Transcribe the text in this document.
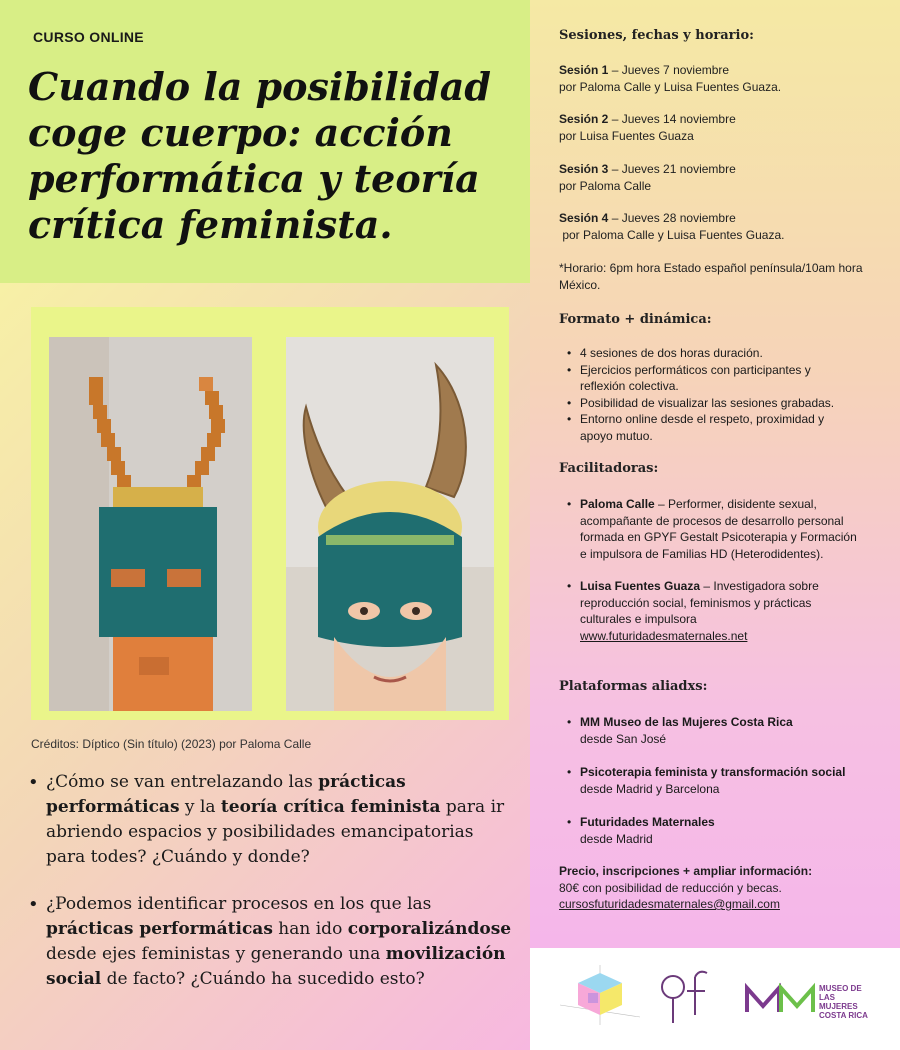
CURSO ONLINE
Cuando la posibilidad coge cuerpo: acción performática y teoría crítica feminista.
Créditos: Díptico (Sin título) (2023) por Paloma Calle
• ¿Cómo se van entrelazando las prácticas performáticas y la teoría crítica feminista para ir abriendo espacios y posibilidades emancipatorias para todes? ¿Cuándo y donde?
• ¿Podemos identificar procesos en los que las prácticas performáticas han ido corporalizándose desde ejes feministas y generando una movilización social de facto? ¿Cuándo ha sucedido esto?
Sesiones, fechas y horario:
Sesión 1 – Jueves 7 noviembre
por Paloma Calle y Luisa Fuentes Guaza.
Sesión 2 – Jueves 14 noviembre
por Luisa Fuentes Guaza
Sesión 3 – Jueves 21 noviembre
por Paloma Calle
Sesión 4 – Jueves 28 noviembre
por Paloma Calle y Luisa Fuentes Guaza.
*Horario: 6pm hora Estado español península/10am hora México.
Formato + dinámica:
• 4 sesiones de dos horas duración.
• Ejercicios performáticos con participantes y reflexión colectiva.
• Posibilidad de visualizar las sesiones grabadas.
• Entorno online desde el respeto, proximidad y apoyo mutuo.
Facilitadoras:
• Paloma Calle – Performer, disidente sexual, acompañante de procesos de desarrollo personal formada en GPYF Gestalt Psicoterapia y Formación e impulsora de Familias HD (Heterodidentes).
• Luisa Fuentes Guaza – Investigadora sobre reproducción social, feminismos y prácticas culturales e impulsora
www.futuridadesmaternales.net
Plataformas aliadxs:
• MM Museo de las Mujeres Costa Rica
desde San José
• Psicoterapia feminista y transformación social desde Madrid y Barcelona
• Futuridades Maternales
desde Madrid
Precio, inscripciones + ampliar información:
80€ con posibilidad de reducción y becas.
cursosfuturidadesmaternales@gmail.com
MUSEO DE
LAS MUJERES
COSTA RICA
